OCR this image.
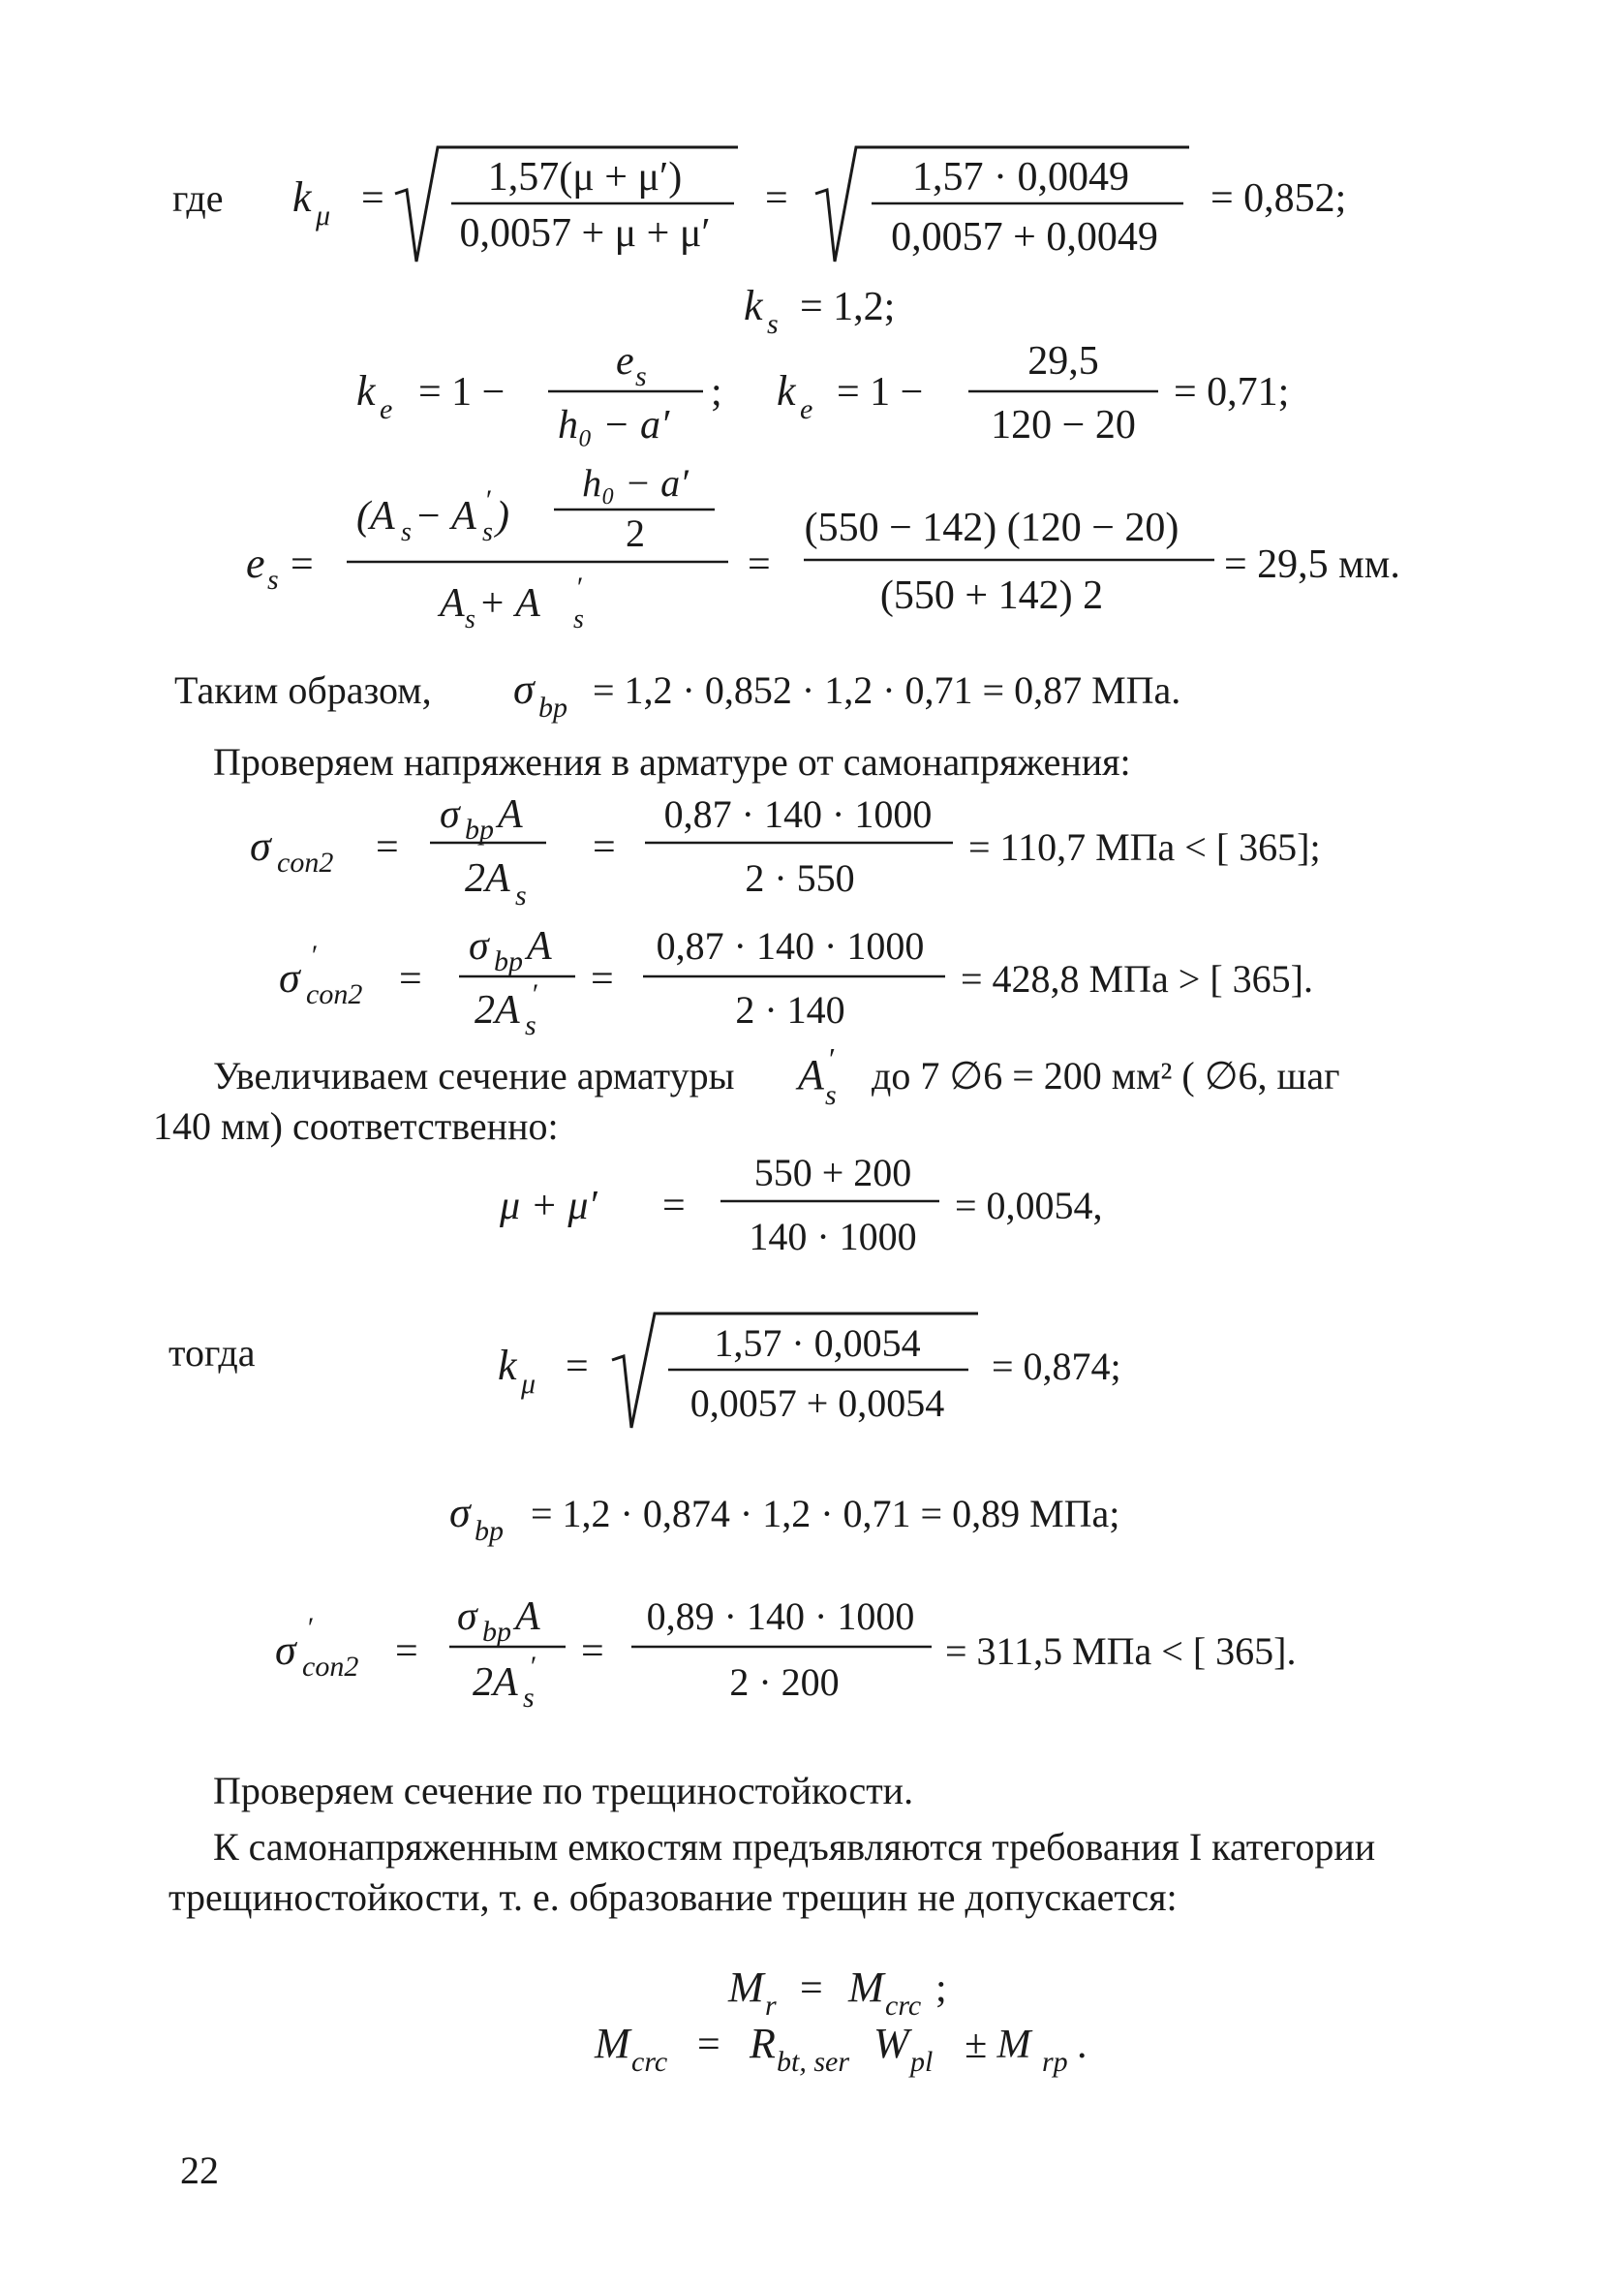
где k μ =	1,57(μ + μ′)
0,0057 + μ + μ′
=	1,57 · 0,0049
0,0057 + 0,0049
= 0,852;
k s = 1,2;
k e = 1 −
e s
h₀ − a′
; k e = 1 −
29,5
120 − 20
= 0,71;
e s =
(A s − A s
′ )
h₀ − a′
2
A s + A s
′
=
(550 − 142) (120 − 20)
(550 + 142) 2
= 29,5 мм.
Таким образом, σ bp = 1,2 · 0,852 · 1,2 · 0,71 = 0,87 МПа.
Проверяем напряжения в арматуре от самонапряжения:
σ con2 =
σ bp A
2A s
=
0,87 · 140 · 1000
2 · 550
= 110,7 МПа < [ 365];
σ ′
con2 =
σ bp A
2A s
′ =
0,87 · 140 · 1000
2 · 140
= 428,8 МПа > [ 365].
Увеличиваем сечение арматуры A s
′ до 7 ∅6 = 200 мм² ( ∅6, шаг
140 мм) соответственно:
μ + μ′ =
550 + 200
140 · 1000
= 0,0054,
тогда	k μ =
1,57 · 0,0054
0,0057 + 0,0054
= 0,874;
σ bp = 1,2 · 0,874 · 1,2 · 0,71 = 0,89 МПа;
σ ′
con2 =
σ bp A
2A s
′ =
0,89 · 140 · 1000
2 · 200
= 311,5 МПа < [ 365].
Проверяем сечение по трещиностойкости.
К самонапряженным емкостям предъявляются требования I категории
трещиностойкости, т. е. образование трещин не допускается:
M r = M crc ;
M crc = R bt, ser W pl ± M rp .
22
